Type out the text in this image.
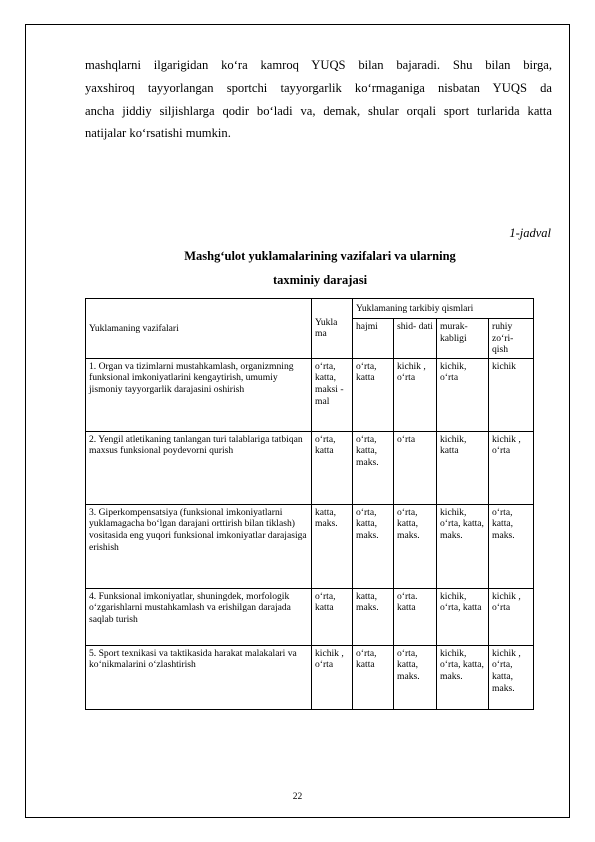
mashqlarni ilgarigidan ko‘ra kamroq YUQS bilan bajaradi. Shu bilan birga,
yaxshiroq tayyorlangan sportchi tayyorgarlik ko‘rmaganiga nisbatan YUQS da
ancha jiddiy siljishlarga qodir bo‘ladi va, demak, shular orqali sport turlarida katta
natijalar ko‘rsatishi mumkin.

1-jadval
Mashg‘ulot yuklamalarining vazifalari va ularning
taxminiy darajasi
Yuklamaning vazifalari	Yukla ma	Yuklamaning tarkibiy qismlari			
		hajmi	shid- dati	murak- kabligi	ruhiy zo‘ri- qish
1. Organ va tizimlarni mustahkamlash, organizmning funksional imkoniyatlarini kengaytirish, umumiy jismoniy tayyorgarlik darajasini oshirish	o‘rta, katta, maksi -mal	o‘rta, katta	kichik , o‘rta	kichik, o‘rta	kichik
2. Yengil atletikaning tanlangan turi talablariga tatbiqan maxsus funksional poydevorni qurish	o‘rta, katta	o‘rta, katta, maks.	o‘rta	kichik, katta	kichik , o‘rta
3. Giperkompensatsiya (funksional imkoniyatlarni yuklamagacha bo‘lgan darajani orttirish bilan tiklash) vositasida eng yuqori funksional imkoniyatlar darajasiga erishish	katta, maks.	o‘rta, katta, maks.	o‘rta, katta, maks.	kichik, o‘rta, katta, maks.	o‘rta, katta, maks.
4. Funksional imkoniyatlar, shuningdek, morfologik o‘zgarishlarni mustahkamlash va erishilgan darajada saqlab turish	o‘rta, katta	katta, maks.	o‘rta. katta	kichik, o‘rta, katta	kichik , o‘rta
5. Sport texnikasi va taktikasida harakat malakalari va ko‘nikmalarini o‘zlashtirish	kichik , o‘rta	o‘rta, katta	o‘rta, katta, maks.	kichik, o‘rta, katta, maks.	kichik , o‘rta, katta, maks.
22
